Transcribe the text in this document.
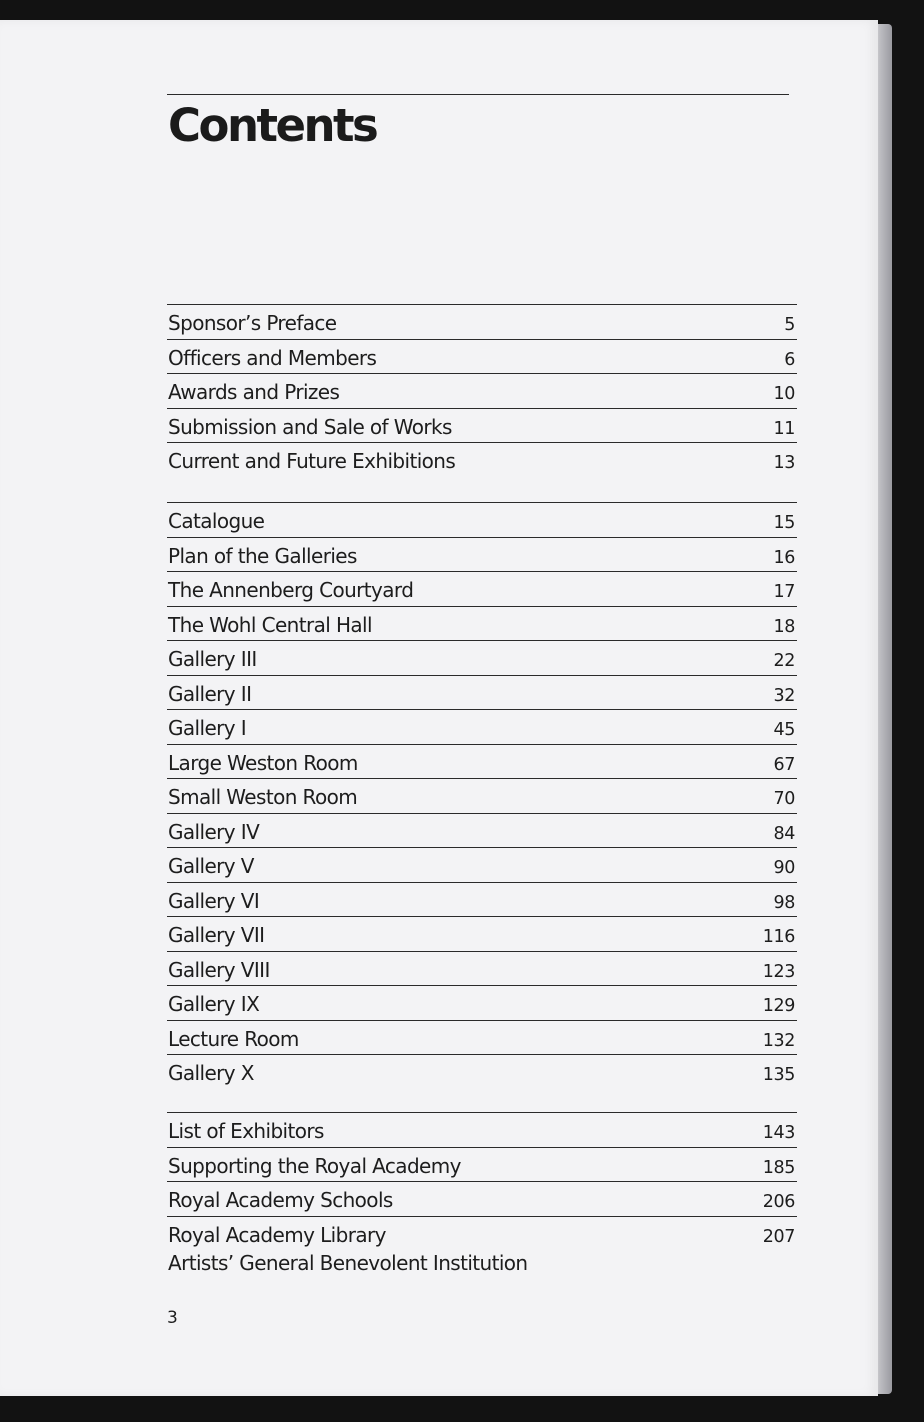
Contents
Sponsor’s Preface	5
Officers and Members	6
Awards and Prizes	10
Submission and Sale of Works	11
Current and Future Exhibitions	13
Catalogue	15
Plan of the Galleries	16
The Annenberg Courtyard	17
The Wohl Central Hall	18
Gallery III	22
Gallery II	32
Gallery I	45
Large Weston Room	67
Small Weston Room	70
Gallery IV	84
Gallery V	90
Gallery VI	98
Gallery VII	116
Gallery VIII	123
Gallery IX	129
Lecture Room	132
Gallery X	135
List of Exhibitors	143
Supporting the Royal Academy	185
Royal Academy Schools	206
Royal Academy Library	207
Artists’ General Benevolent Institution
3
